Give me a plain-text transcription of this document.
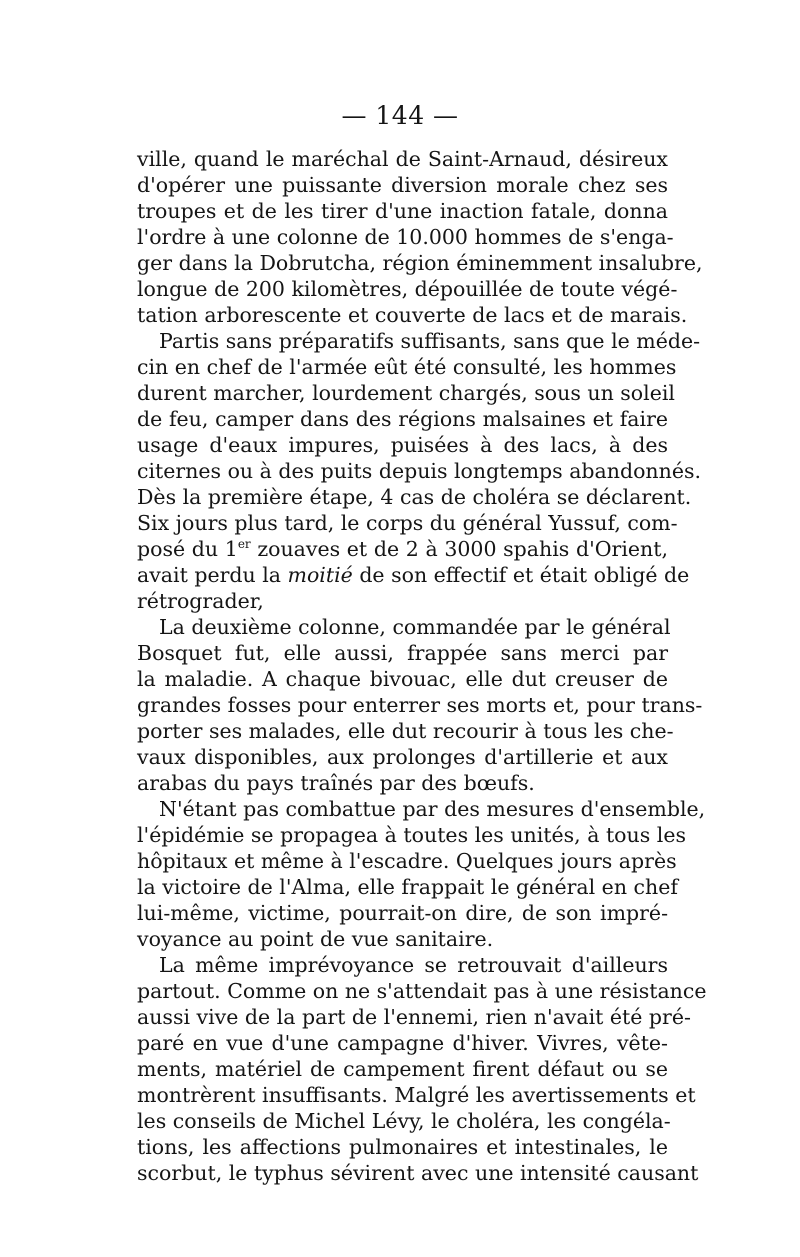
— 144 —
ville, quand le maréchal de Saint-Arnaud, désireux
d'opérer une puissante diversion morale chez ses
troupes et de les tirer d'une inaction fatale, donna
l'ordre à une colonne de 10.000 hommes de s'enga-
ger dans la Dobrutcha, région éminemment insalubre,
longue de 200 kilomètres, dépouillée de toute végé-
tation arborescente et couverte de lacs et de marais.
Partis sans préparatifs suffisants, sans que le méde-
cin en chef de l'armée eût été consulté, les hommes
durent marcher, lourdement chargés, sous un soleil
de feu, camper dans des régions malsaines et faire
usage d'eaux impures, puisées à des lacs, à des
citernes ou à des puits depuis longtemps abandonnés.
Dès la première étape, 4 cas de choléra se déclarent.
Six jours plus tard, le corps du général Yussuf, com-
posé du 1er zouaves et de 2 à 3000 spahis d'Orient,
avait perdu la moitié de son effectif et était obligé de
rétrograder,
La deuxième colonne, commandée par le général
Bosquet fut, elle aussi, frappée sans merci par
la maladie. A chaque bivouac, elle dut creuser de
grandes fosses pour enterrer ses morts et, pour trans-
porter ses malades, elle dut recourir à tous les che-
vaux disponibles, aux prolonges d'artillerie et aux
arabas du pays traînés par des bœufs.
N'étant pas combattue par des mesures d'ensemble,
l'épidémie se propagea à toutes les unités, à tous les
hôpitaux et même à l'escadre. Quelques jours après
la victoire de l'Alma, elle frappait le général en chef
lui-même, victime, pourrait-on dire, de son impré-
voyance au point de vue sanitaire.
La même imprévoyance se retrouvait d'ailleurs
partout. Comme on ne s'attendait pas à une résistance
aussi vive de la part de l'ennemi, rien n'avait été pré-
paré en vue d'une campagne d'hiver. Vivres, vête-
ments, matériel de campement firent défaut ou se
montrèrent insuffisants. Malgré les avertissements et
les conseils de Michel Lévy, le choléra, les congéla-
tions, les affections pulmonaires et intestinales, le
scorbut, le typhus sévirent avec une intensité causant
